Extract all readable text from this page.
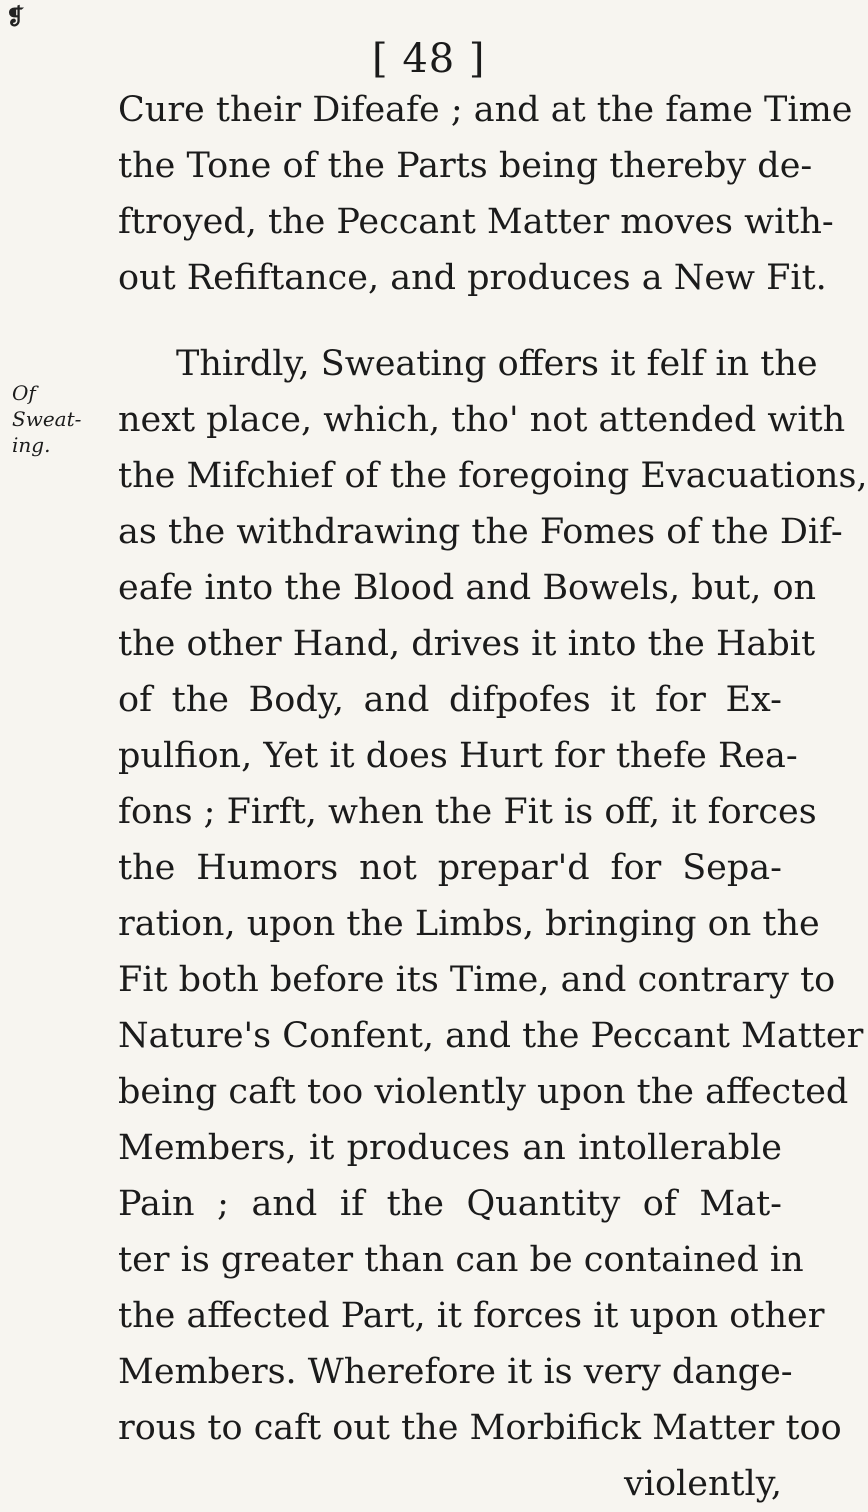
❡
[ 48 ]
Of Sweat-
ing.
Cure their Difeafe ; and at the fame Time
the Tone of the Parts being thereby de-
ftroyed, the Peccant Matter moves with-
out Refiftance, and produces a New Fit.
Thirdly, Sweating offers it felf in the
next place, which, tho' not attended with
the Mifchief of the foregoing Evacuations,
as the withdrawing the Fomes of the Dif-
eafe into the Blood and Bowels, but, on
the other Hand, drives it into the Habit
of the Body, and difpofes it for Ex-
pulfion, Yet it does Hurt for thefe Rea-
fons ; Firft, when the Fit is off, it forces
the Humors not prepar'd for Sepa-
ration, upon the Limbs, bringing on the
Fit both before its Time, and contrary to
Nature's Confent, and the Peccant Matter
being caft too violently upon the affected
Members, it produces an intollerable
Pain ; and if the Quantity of Mat-
ter is greater than can be contained in
the affected Part, it forces it upon other
Members. Wherefore it is very dange-
rous to caft out the Morbifick Matter too
violently,
